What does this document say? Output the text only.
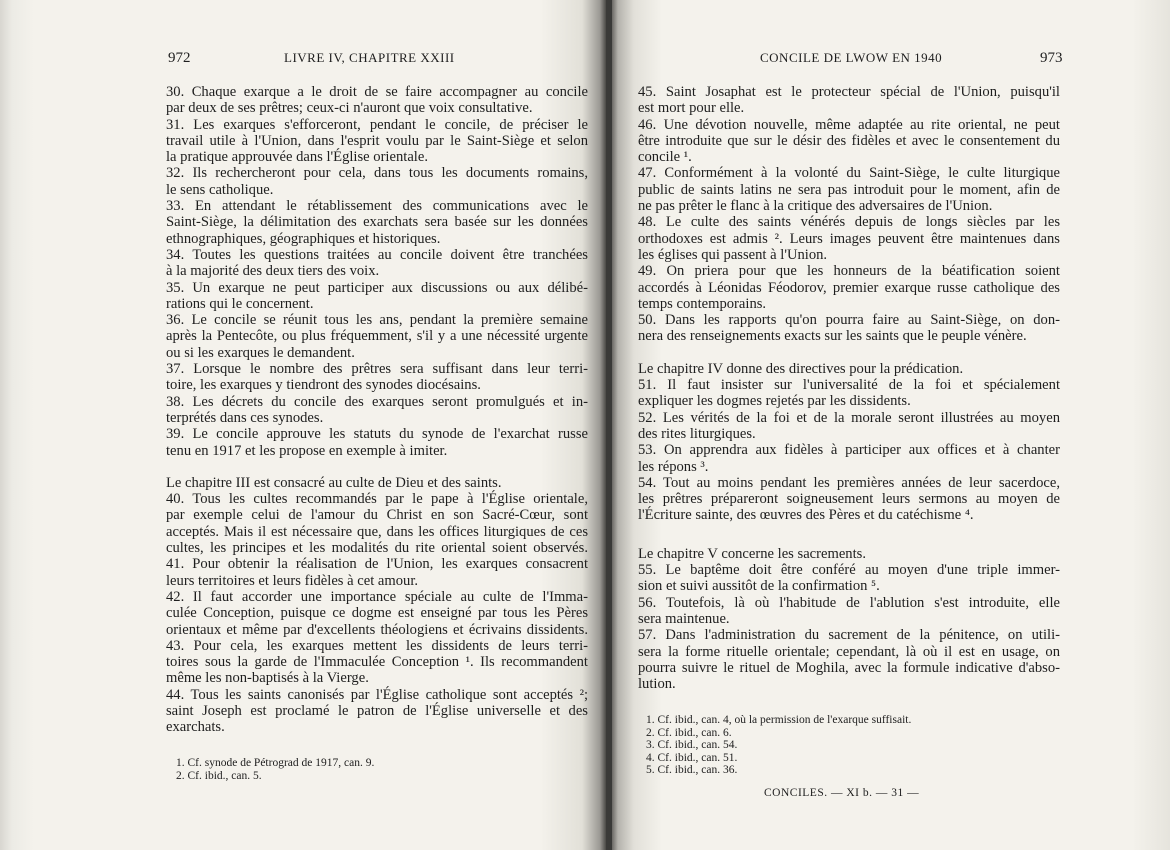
972	LIVRE IV, CHAPITRE XXIII

30. Chaque exarque a le droit de se faire accompagner au concile

par deux de ses prêtres; ceux-ci n'auront que voix consultative.

31. Les exarques s'efforceront, pendant le concile, de préciser le

travail utile à l'Union, dans l'esprit voulu par le Saint-Siège et selon

la pratique approuvée dans l'Église orientale.

32. Ils rechercheront pour cela, dans tous les documents romains,

le sens catholique.

33. En attendant le rétablissement des communications avec le

Saint-Siège, la délimitation des exarchats sera basée sur les données

ethnographiques, géographiques et historiques.

34. Toutes les questions traitées au concile doivent être tranchées

à la majorité des deux tiers des voix.

35. Un exarque ne peut participer aux discussions ou aux délibé-

rations qui le concernent.

36. Le concile se réunit tous les ans, pendant la première semaine

après la Pentecôte, ou plus fréquemment, s'il y a une nécessité urgente

ou si les exarques le demandent.

37. Lorsque le nombre des prêtres sera suffisant dans leur terri-

toire, les exarques y tiendront des synodes diocésains.

38. Les décrets du concile des exarques seront promulgués et in-

terprétés dans ces synodes.

39. Le concile approuve les statuts du synode de l'exarchat russe

tenu en 1917 et les propose en exemple à imiter.

Le chapitre III est consacré au culte de Dieu et des saints.

40. Tous les cultes recommandés par le pape à l'Église orientale,

par exemple celui de l'amour du Christ en son Sacré-Cœur, sont

acceptés. Mais il est nécessaire que, dans les offices liturgiques de ces

cultes, les principes et les modalités du rite oriental soient observés.

41. Pour obtenir la réalisation de l'Union, les exarques consacrent

leurs territoires et leurs fidèles à cet amour.

42. Il faut accorder une importance spéciale au culte de l'Imma-

culée Conception, puisque ce dogme est enseigné par tous les Pères

orientaux et même par d'excellents théologiens et écrivains dissidents.

43. Pour cela, les exarques mettent les dissidents de leurs terri-

toires sous la garde de l'Immaculée Conception ¹. Ils recommandent

même les non-baptisés à la Vierge.

44. Tous les saints canonisés par l'Église catholique sont acceptés ²;

saint Joseph est proclamé le patron de l'Église universelle et des

exarchats.

1. Cf. synode de Pétrograd de 1917, can. 9.
2. Cf. ibid., can. 5.
CONCILE DE LWOW EN 1940	973

45. Saint Josaphat est le protecteur spécial de l'Union, puisqu'il

est mort pour elle.

46. Une dévotion nouvelle, même adaptée au rite oriental, ne peut

être introduite que sur le désir des fidèles et avec le consentement du

concile ¹.

47. Conformément à la volonté du Saint-Siège, le culte liturgique

public de saints latins ne sera pas introduit pour le moment, afin de

ne pas prêter le flanc à la critique des adversaires de l'Union.

48. Le culte des saints vénérés depuis de longs siècles par les

orthodoxes est admis ². Leurs images peuvent être maintenues dans

les églises qui passent à l'Union.

49. On priera pour que les honneurs de la béatification soient

accordés à Léonidas Féodorov, premier exarque russe catholique des

temps contemporains.

50. Dans les rapports qu'on pourra faire au Saint-Siège, on don-

nera des renseignements exacts sur les saints que le peuple vénère.

Le chapitre IV donne des directives pour la prédication.

51. Il faut insister sur l'universalité de la foi et spécialement

expliquer les dogmes rejetés par les dissidents.

52. Les vérités de la foi et de la morale seront illustrées au moyen

des rites liturgiques.

53. On apprendra aux fidèles à participer aux offices et à chanter

les répons ³.

54. Tout au moins pendant les premières années de leur sacerdoce,

les prêtres prépareront soigneusement leurs sermons au moyen de

l'Écriture sainte, des œuvres des Pères et du catéchisme ⁴.

Le chapitre V concerne les sacrements.

55. Le baptême doit être conféré au moyen d'une triple immer-

sion et suivi aussitôt de la confirmation ⁵.

56. Toutefois, là où l'habitude de l'ablution s'est introduite, elle

sera maintenue.

57. Dans l'administration du sacrement de la pénitence, on utili-

sera la forme rituelle orientale; cependant, là où il est en usage, on

pourra suivre le rituel de Moghila, avec la formule indicative d'abso-

lution.

1. Cf. ibid., can. 4, où la permission de l'exarque suffisait.
2. Cf. ibid., can. 6.
3. Cf. ibid., can. 54.
4. Cf. ibid., can. 51.
5. Cf. ibid., can. 36.
CONCILES. — XI b. — 31 —
